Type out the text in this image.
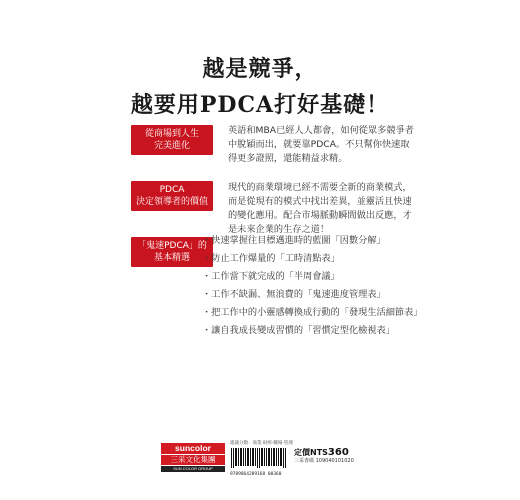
越是競爭，
越要用PDCA打好基礎！
從商場到人生
完美進化
英語和MBA已經人人都會，如何從眾多競爭者中脫穎而出，就要靠PDCA。不只幫你快速取得更多證照，還能精益求精。
PDCA
決定領導者的價值
現代的商業環境已經不需要全新的商業模式，而是從現有的模式中找出差異，並靈活且快速的變化應用。配合市場脈動瞬間做出反應，才是未來企業的生存之道！
「鬼速PDCA」的
基本精選
・快速掌握往目標邁進時的藍圖「因數分解」
・防止工作爆量的「工時清點表」
・工作當下就完成的「半周會議」
・工作不缺漏、無浪費的「鬼速進度管理表」
・把工作中的小靈感轉換成行動的「發現生活細節表」
・讓自我成長變成習慣的「習慣定型化檢視表」
suncolor
三采文化集團
SUN COLOR GROUP
建議分類：商業‧財經‧職場‧管理
9789864289168 00360
定價NTS360
三采書碼 109040101020
